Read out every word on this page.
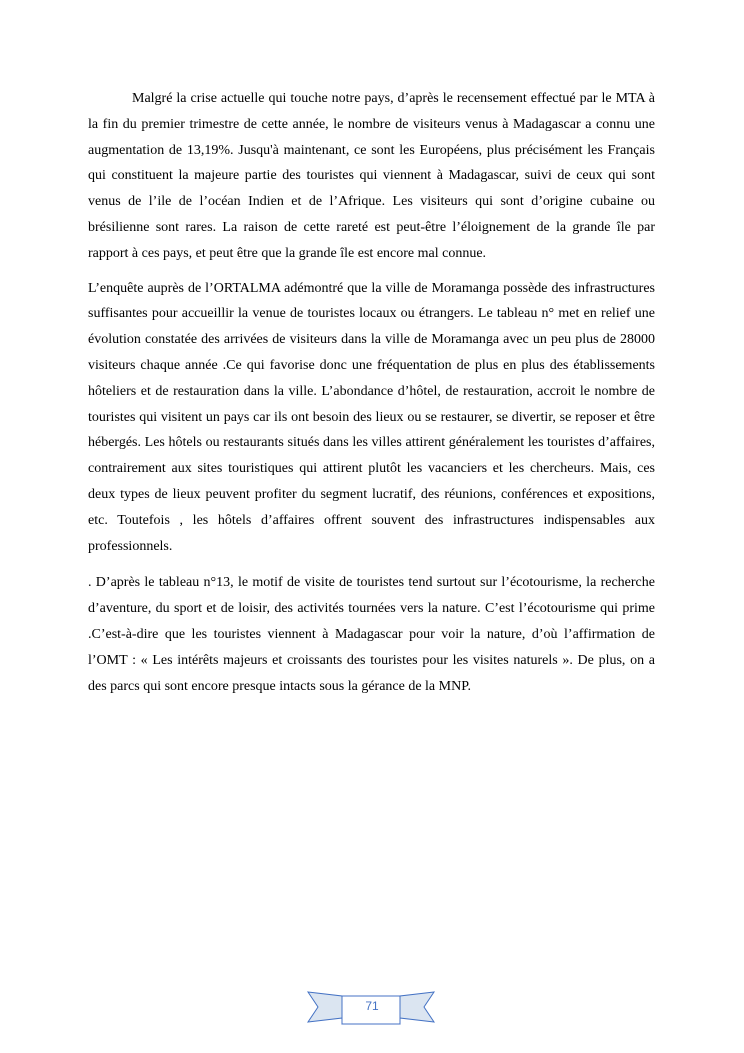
Malgré la crise actuelle qui touche notre pays, d’après le recensement effectué par le MTA à la fin du premier trimestre de cette année, le nombre de visiteurs venus à Madagascar a connu une augmentation de 13,19%. Jusqu'à maintenant, ce sont les Européens, plus précisément les Français qui constituent la majeure partie des touristes qui viennent à Madagascar, suivi de ceux qui sont venus de l’ile de l’océan Indien et de l’Afrique. Les visiteurs qui sont d’origine cubaine ou brésilienne sont rares. La raison de cette rareté est peut-être l’éloignement de la grande île par rapport à ces pays, et peut être que la grande île est encore mal connue.

L’enquête auprès de l’ORTALMA adémontré que la ville de Moramanga possède des infrastructures suffisantes pour accueillir la venue de touristes locaux ou étrangers. Le tableau n° met en relief une évolution constatée des arrivées de visiteurs dans la ville de Moramanga avec un peu plus de 28000 visiteurs chaque année .Ce qui favorise donc une fréquentation de plus en plus des établissements hôteliers et de restauration dans la ville. L’abondance d’hôtel, de restauration, accroit le nombre de touristes qui visitent un pays car ils ont besoin des lieux ou se restaurer, se divertir, se reposer et être hébergés. Les hôtels ou restaurants situés dans les villes attirent généralement les touristes d’affaires, contrairement aux sites touristiques qui attirent plutôt les vacanciers et les chercheurs. Mais, ces deux types de lieux peuvent profiter du segment lucratif, des réunions, conférences et expositions, etc. Toutefois , les hôtels d’affaires offrent souvent des infrastructures indispensables aux professionnels.

. D’après le tableau n°13, le motif de visite de touristes tend surtout sur l’écotourisme, la recherche d’aventure, du sport et de loisir, des activités tournées vers la nature. C’est l’écotourisme qui prime .C’est-à-dire que les touristes viennent à Madagascar pour voir la nature, d’où l’affirmation de l’OMT : « Les intérêts majeurs et croissants des touristes pour les visites naturels ». De plus, on a des parcs qui sont encore presque intacts sous la gérance de la MNP.

71
